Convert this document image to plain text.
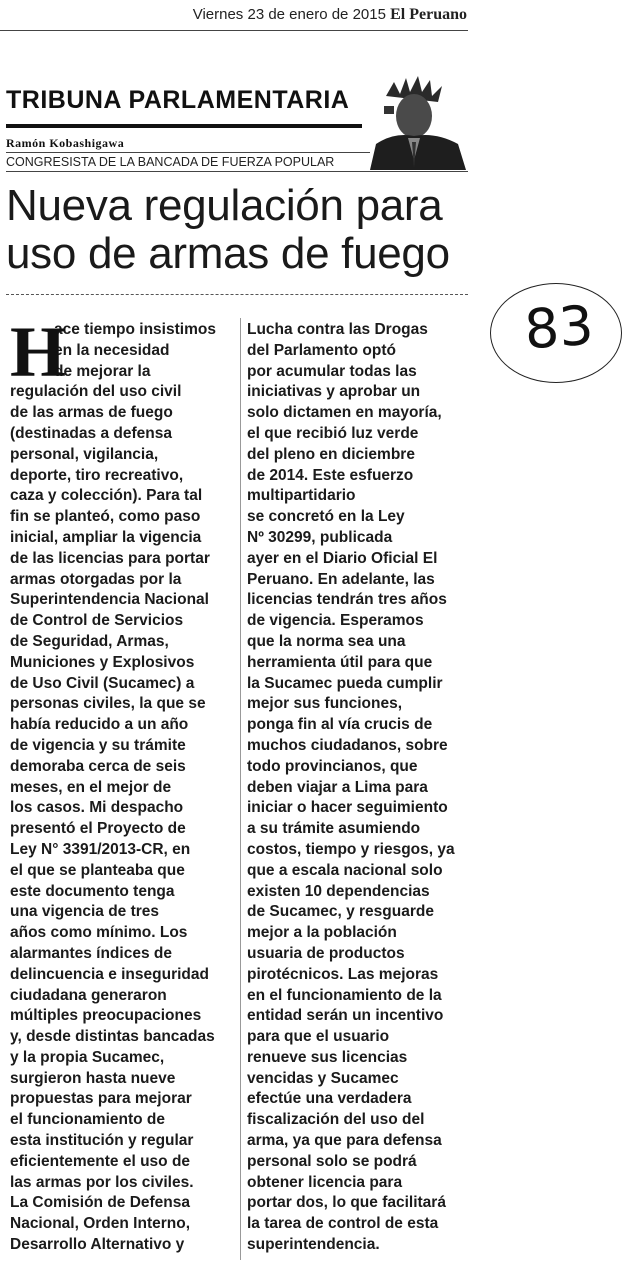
Viernes 23 de enero de 2015 El Peruano
TRIBUNA PARLAMENTARIA
Ramón Kobashigawa
CONGRESISTA DE LA BANCADA DE FUERZA POPULAR
Nueva regulación para
uso de armas de fuego
83
H
ace tiempo insistimos
en la necesidad
de mejorar la
regulación del uso civil
de las armas de fuego
(destinadas a defensa
personal, vigilancia,
deporte, tiro recreativo,
caza y colección). Para tal
fin se planteó, como paso
inicial, ampliar la vigencia
de las licencias para portar
armas otorgadas por la
Superintendencia Nacional
de Control de Servicios
de Seguridad, Armas,
Municiones y Explosivos
de Uso Civil (Sucamec) a
personas civiles, la que se
había reducido a un año
de vigencia y su trámite
demoraba cerca de seis
meses, en el mejor de
los casos. Mi despacho
presentó el Proyecto de
Ley N° 3391/2013-CR, en
el que se planteaba que
este documento tenga
una vigencia de tres
años como mínimo. Los
alarmantes índices de
delincuencia e inseguridad
ciudadana generaron
múltiples preocupaciones
y, desde distintas bancadas
y la propia Sucamec,
surgieron hasta nueve
propuestas para mejorar
el funcionamiento de
esta institución y regular
eficientemente el uso de
las armas por los civiles.
La Comisión de Defensa
Nacional, Orden Interno,
Desarrollo Alternativo y
Lucha contra las Drogas
del Parlamento optó
por acumular todas las
iniciativas y aprobar un
solo dictamen en mayoría,
el que recibió luz verde
del pleno en diciembre
de 2014. Este esfuerzo
multipartidario
se concretó en la Ley
Nº 30299, publicada
ayer en el Diario Oficial El
Peruano. En adelante, las
licencias tendrán tres años
de vigencia. Esperamos
que la norma sea una
herramienta útil para que
la Sucamec pueda cumplir
mejor sus funciones,
ponga fin al vía crucis de
muchos ciudadanos, sobre
todo provincianos, que
deben viajar a Lima para
iniciar o hacer seguimiento
a su trámite asumiendo
costos, tiempo y riesgos, ya
que a escala nacional solo
existen 10 dependencias
de Sucamec, y resguarde
mejor a la población
usuaria de productos
pirotécnicos. Las mejoras
en el funcionamiento de la
entidad serán un incentivo
para que el usuario
renueve sus licencias
vencidas y Sucamec
efectúe una verdadera
fiscalización del uso del
arma, ya que para defensa
personal solo se podrá
obtener licencia para
portar dos, lo que facilitará
la tarea de control de esta
superintendencia.
